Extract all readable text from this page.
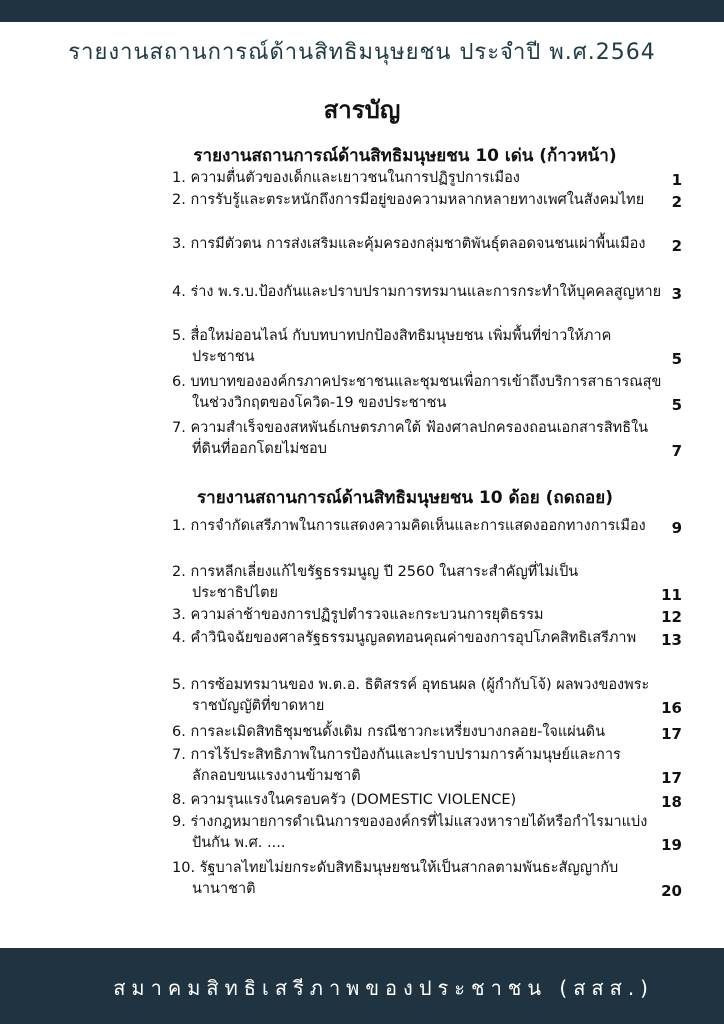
รายงานสถานการณ์ด้านสิทธิมนุษยชน ประจำปี พ.ศ.2564
สารบัญ
รายงานสถานการณ์ด้านสิทธิมนุษยชน 10 เด่น (ก้าวหน้า)
1. ความตื่นตัวของเด็กและเยาวชนในการปฏิรูปการเมือง	1
2. การรับรู้และตระหนักถึงการมีอยู่ของความหลากหลายทางเพศในสังคมไทย	2
3. การมีตัวตน การส่งเสริมและคุ้มครองกลุ่มชาติพันธุ์ตลอดจนชนเผ่าพื้นเมือง	2
4. ร่าง พ.ร.บ.ป้องกันและปราบปรามการทรมานและการกระทำให้บุคคลสูญหาย 3
5. สื่อใหม่ออนไลน์ กับบทบาทปกป้องสิทธิมนุษยชน เพิ่มพื้นที่ข่าวให้ภาคประชาชน	5
6. บทบาทขององค์กรภาคประชาชนและชุมชนเพื่อการเข้าถึงบริการสาธารณสุขในช่วงวิกฤตของโควิด-19 ของประชาชน	5
7. ความสำเร็จของสหพันธ์เกษตรภาคใต้ ฟ้องศาลปกครองถอนเอกสารสิทธิในที่ดินที่ออกโดยไม่ชอบ	7
รายงานสถานการณ์ด้านสิทธิมนุษยชน 10 ด้อย (ถดถอย)
1. การจำกัดเสรีภาพในการแสดงความคิดเห็นและการแสดงออกทางการเมือง	9
2. การหลีกเลี่ยงแก้ไขรัฐธรรมนูญ ปี 2560 ในสาระสำคัญที่ไม่เป็นประชาธิปไตย	11
3. ความล่าช้าของการปฏิรูปตำรวจและกระบวนการยุติธรรม	12
4. คำวินิจฉัยของศาลรัฐธรรมนูญลดทอนคุณค่าของการอุปโภคสิทธิเสรีภาพ	13
5. การซ้อมทรมานของ พ.ต.อ. ธิติสรรค์ อุทธนผล (ผู้กำกับโจ้) ผลพวงของพระราชบัญญัติที่ขาดหาย	16
6. การละเมิดสิทธิชุมชนดั้งเดิม กรณีชาวกะเหรี่ยงบางกลอย-ใจแผ่นดิน	17
7. การไร้ประสิทธิภาพในการป้องกันและปราบปรามการค้ามนุษย์และการลักลอบขนแรงงานข้ามชาติ	17
8. ความรุนแรงในครอบครัว (DOMESTIC VIOLENCE)	18
9. ร่างกฎหมายการดำเนินการขององค์กรที่ไม่แสวงหารายได้หรือกำไรมาแบ่งปันกัน พ.ศ. ....	19
10. รัฐบาลไทยไม่ยกระดับสิทธิมนุษยชนให้เป็นสากลตามพันธะสัญญากับนานาชาติ	20
สมาคมสิทธิเสรีภาพของประชาชน (สสส.)
